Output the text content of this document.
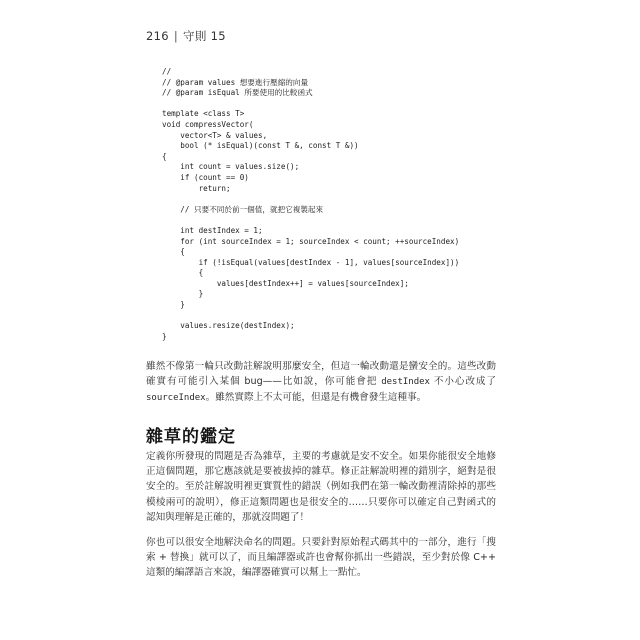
216 | 守則 15
//
// @param values 想要進行壓縮的向量
// @param isEqual 所要使用的比較函式

template <class T>
void compressVector(
vector<T> & values,
bool (* isEqual)(const T &, const T &))
{
int count = values.size();
if (count == 0)
return;

// 只要不同於前一個值，就把它複製起來

int destIndex = 1;
for (int sourceIndex = 1; sourceIndex < count; ++sourceIndex)
{
if (!isEqual(values[destIndex - 1], values[sourceIndex]))
{
values[destIndex++] = values[sourceIndex];
}
}

values.resize(destIndex);
}

雖然不像第一輪只改動註解說明那麼安全，但這一輪改動還是蠻安全的。這些改動確實有可能引入某個 bug——比如說，你可能會把 destIndex 不小心改成了 sourceIndex。雖然實際上不太可能，但還是有機會發生這種事。

雜草的鑑定

定義你所發現的問題是否為雜草，主要的考慮就是安不安全。如果你能很安全地修正這個問題，那它應該就是要被拔掉的雜草。修正註解說明裡的錯別字，絕對是很安全的。至於註解說明裡更實質性的錯誤（例如我們在第一輪改動裡清除掉的那些模棱兩可的說明），修正這類問題也是很安全的……只要你可以確定自己對函式的認知與理解是正確的，那就沒問題了！

你也可以很安全地解決命名的問題。只要針對原始程式碼其中的一部分，進行「搜索 + 替換」就可以了，而且編譯器或許也會幫你抓出一些錯誤，至少對於像 C++ 這類的編譯語言來說，編譯器確實可以幫上一點忙。
